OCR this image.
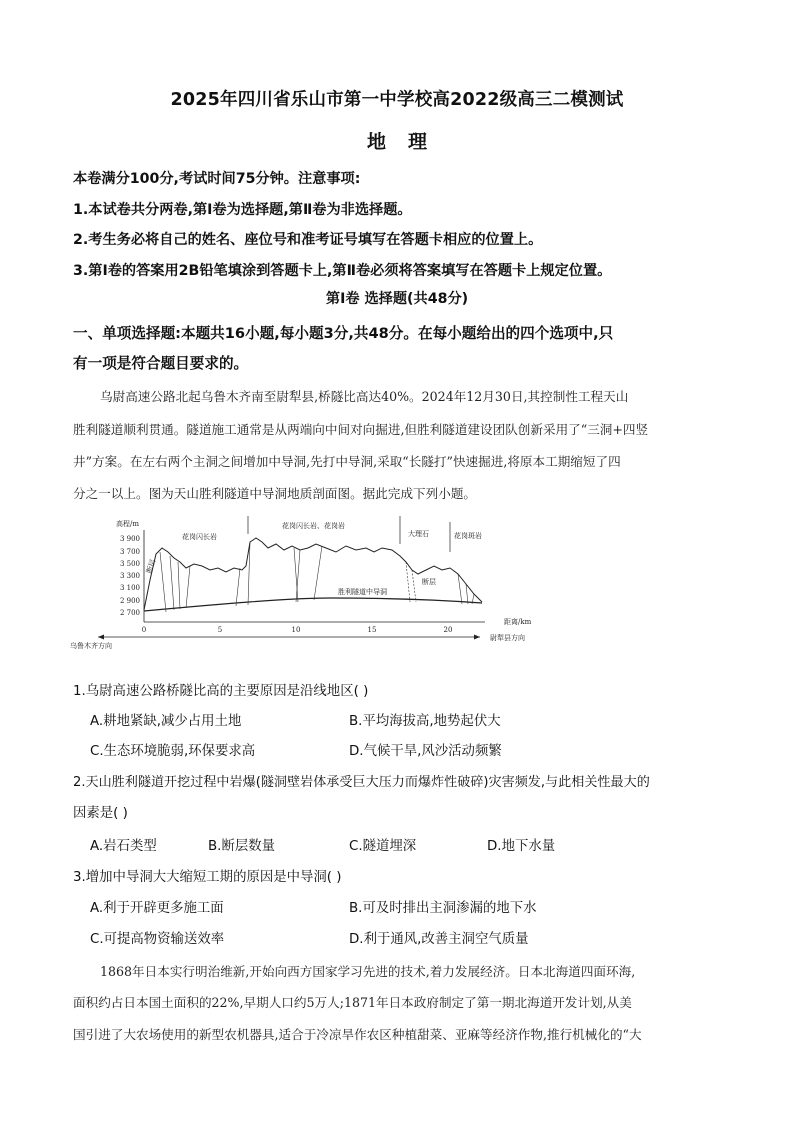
2025年四川省乐山市第一中学校高2022级高三二模测试
地理
本卷满分100分,考试时间75分钟。注意事项:
1.本试卷共分两卷,第Ⅰ卷为选择题,第Ⅱ卷为非选择题。
2.考生务必将自己的姓名、座位号和准考证号填写在答题卡相应的位置上。
3.第Ⅰ卷的答案用2B铅笔填涂到答题卡上,第Ⅱ卷必须将答案填写在答题卡上规定位置。
第Ⅰ卷 选择题(共48分)
一、单项选择题:本题共16小题,每小题3分,共48分。在每小题给出的四个选项中,只
有一项是符合题目要求的。
乌尉高速公路北起乌鲁木齐南至尉犁县,桥隧比高达40%。2024年12月30日,其控制性工程天山
胜利隧道顺利贯通。隧道施工通常是从两端向中间对向掘进,但胜利隧道建设团队创新采用了“三洞+四竖
井”方案。在左右两个主洞之间增加中导洞,先打中导洞,采取“长隧打”快速掘进,将原本工期缩短了四
分之一以上。图为天山胜利隧道中导洞地质剖面图。据此完成下列小题。
高程/m
3 900
3 700
3 500
3 300
3 100
2 900
2 700
花岗闪长岩
花岗闪长岩、花岗岩
大理石	花岗斑岩
断层
断层
胜利隧道中导洞
0	5	10	15	20
距离/km
乌鲁木齐方向
尉犁县方向
1.乌尉高速公路桥隧比高的主要原因是沿线地区( )
A.耕地紧缺,减少占用土地	B.平均海拔高,地势起伏大
C.生态环境脆弱,环保要求高	D.气候干旱,风沙活动频繁
2.天山胜利隧道开挖过程中岩爆(隧洞壁岩体承受巨大压力而爆炸性破碎)灾害频发,与此相关性最大的
因素是( )
A.岩石类型	B.断层数量	C.隧道埋深	D.地下水量
3.增加中导洞大大缩短工期的原因是中导洞( )
A.利于开辟更多施工面	B.可及时排出主洞渗漏的地下水
C.可提高物资输送效率	D.利于通风,改善主洞空气质量
1868年日本实行明治维新,开始向西方国家学习先进的技术,着力发展经济。日本北海道四面环海,
面积约占日本国土面积的22%,早期人口约5万人;1871年日本政府制定了第一期北海道开发计划,从美
国引进了大农场使用的新型农机器具,适合于冷凉旱作农区种植甜菜、亚麻等经济作物,推行机械化的“大
